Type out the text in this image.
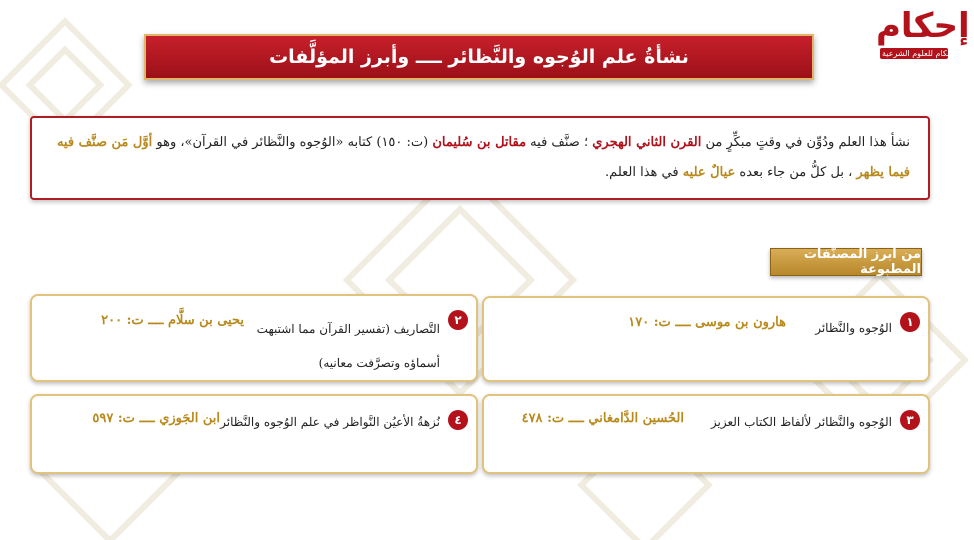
إحكام
مركز إحكام للعلوم الشرعية
نشأةُ علم الوُجوه والنَّظائر ــــ وأبرز المؤلَّفات
نشأ هذا العلم ودُوِّن في وقتٍ مبكِّرٍ من القرن الثاني الهجري ؛ صنَّف فيه مقاتل بن سُليمان (ت: ١٥٠) كتابه «الوُجوه والنَّظائر في القرآن»، وهو أوَّل مَن صنَّف فيه فيما يظهر ، بل كلُّ من جاء بعده عيالٌ عليه في هذا العلم.
من أبرز المصنَّفات المطبوعة
١
الوُجوه والنَّظائر
هارون بن موسى ــــ ت: ١٧٠
٢
التَّصاريف (تفسير القرآن مما اشتبهت أسماؤه وتصرَّفت معانيه)
يحيى بن سلَّام ــــ ت: ٢٠٠
٣
الوُجوه والنَّظائر لألفاظ الكتاب العزيز
الحُسين الدَّامغاني ــــ ت: ٤٧٨
٤
نُزهةُ الأعيُن النَّواظر في علم الوُجوه والنَّظائر
ابن الجَوزي ــــ ت: ٥٩٧
